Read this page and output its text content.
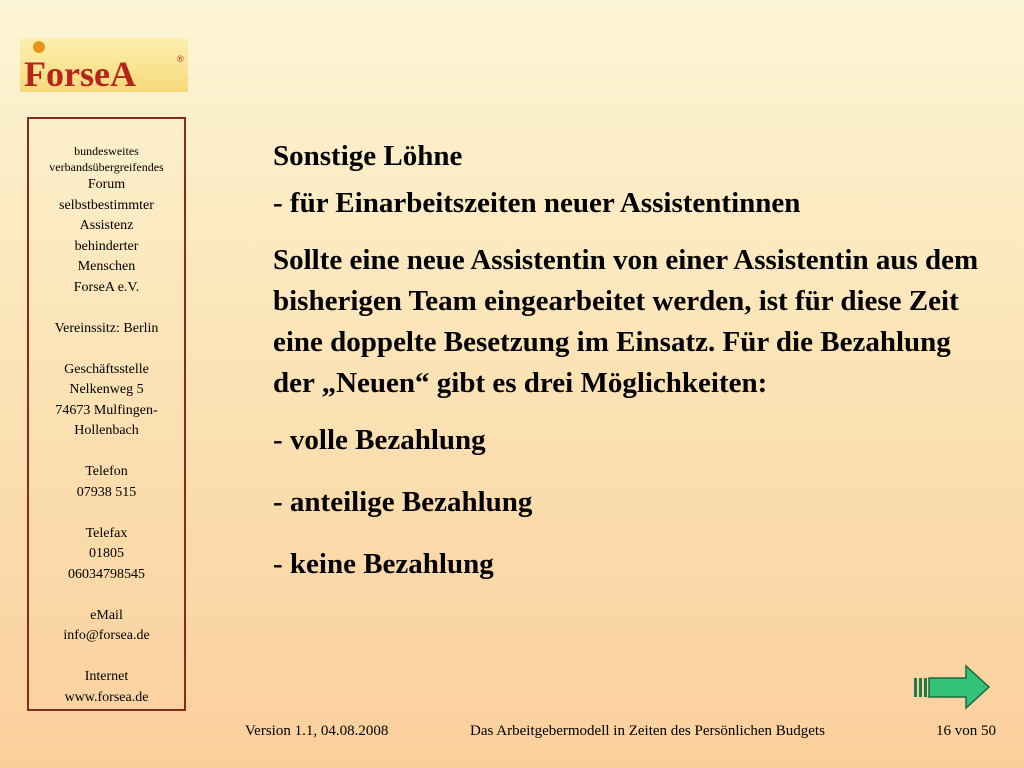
ForseA	®
bundesweites
verbandsübergreifendes
Forum
selbstbestimmter
Assistenz
behinderter
Menschen
ForseA e.V.
Vereinssitz: Berlin
Geschäftsstelle
Nelkenweg 5
74673 Mulfingen-
Hollenbach
Telefon
07938 515
Telefax
01805
06034798545
eMail
info@forsea.de
Internet
www.forsea.de

Sonstige Löhne

- für Einarbeitszeiten neuer Assistentinnen

Sollte eine neue Assistentin von einer Assistentin aus dem bisherigen Team eingearbeitet werden, ist für diese Zeit eine doppelte Besetzung im Einsatz. Für die Bezahlung der „Neuen“ gibt es drei Möglichkeiten:

- volle Bezahlung

- anteilige Bezahlung

- keine Bezahlung

Version 1.1, 04.08.2008	Das Arbeitgebermodell in Zeiten des Persönlichen Budgets	16 von 50
